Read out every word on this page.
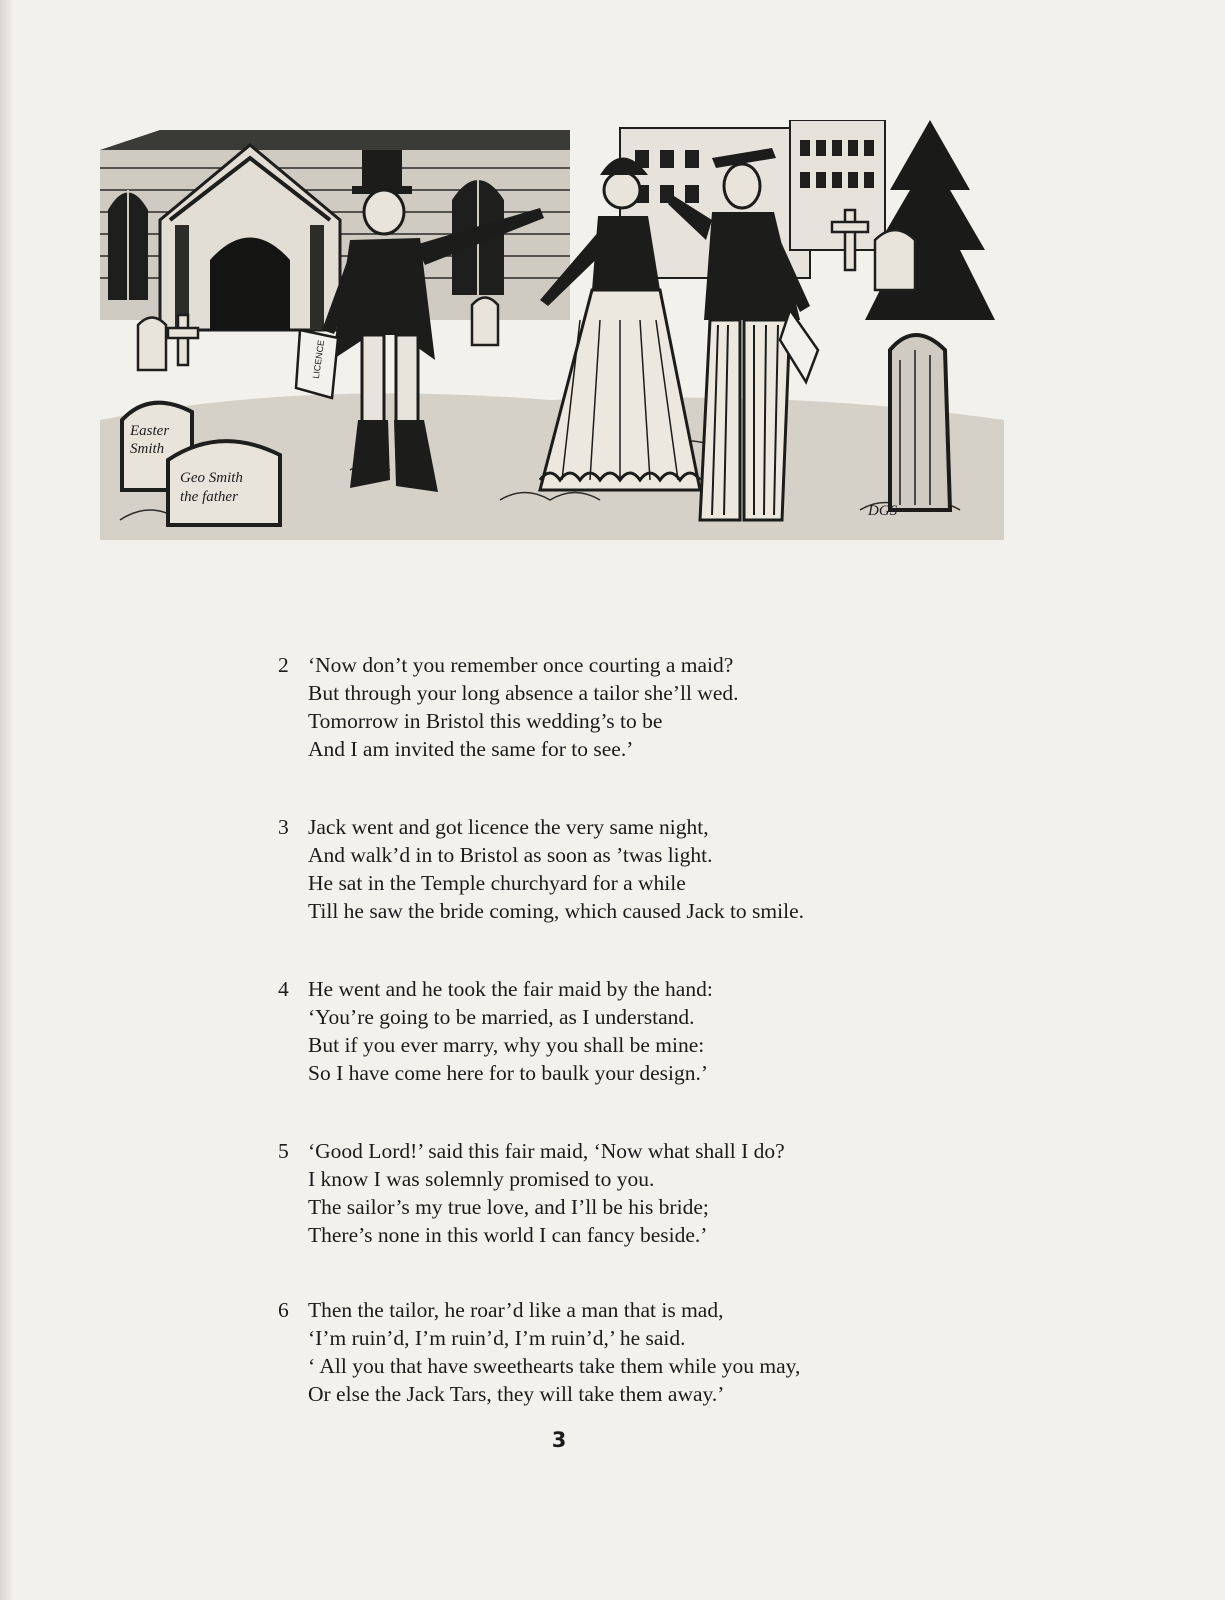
Easter
Smith
Geo Smith
the father
LICENCE
DGS
2 ‘Now don’t you remember once courting a maid?
But through your long absence a tailor she’ll wed.
Tomorrow in Bristol this wedding’s to be
And I am invited the same for to see.’
3 Jack went and got licence the very same night,
And walk’d in to Bristol as soon as ’twas light.
He sat in the Temple churchyard for a while
Till he saw the bride coming, which caused Jack to smile.
4 He went and he took the fair maid by the hand:
‘You’re going to be married, as I understand.
But if you ever marry, why you shall be mine:
So I have come here for to baulk your design.’
5 ‘Good Lord!’ said this fair maid, ‘Now what shall I do?
I know I was solemnly promised to you.
The sailor’s my true love, and I’ll be his bride;
There’s none in this world I can fancy beside.’
6 Then the tailor, he roar’d like a man that is mad,
‘I’m ruin’d, I’m ruin’d, I’m ruin’d,’ he said.
‘ All you that have sweethearts take them while you may,
Or else the Jack Tars, they will take them away.’
3
